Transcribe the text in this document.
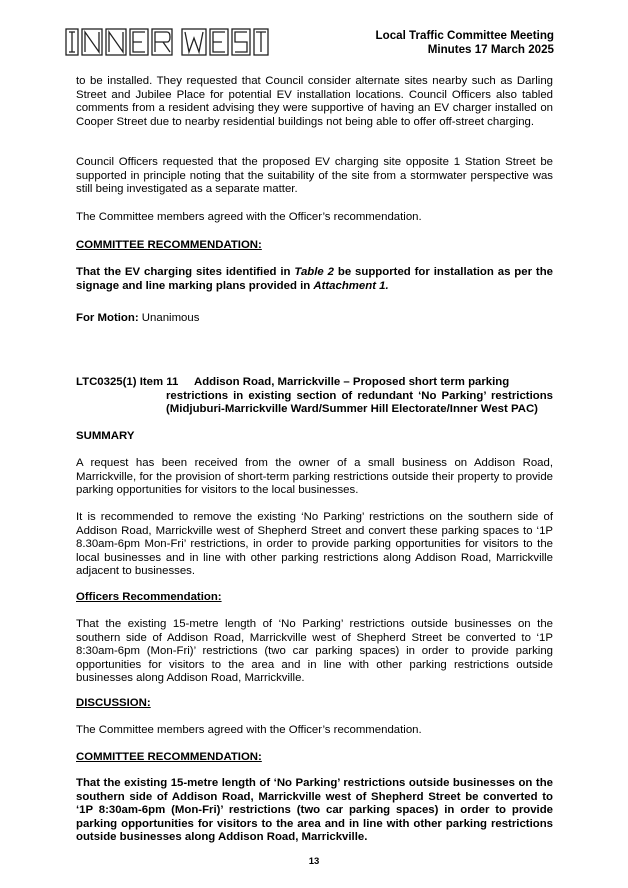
Local Traffic Committee Meeting
Minutes 17 March 2025

to be installed. They requested that Council consider alternate sites nearby such as Darling Street and Jubilee Place for potential EV installation locations. Council Officers also tabled comments from a resident advising they were supportive of having an EV charger installed on Cooper Street due to nearby residential buildings not being able to offer off-street charging.

Council Officers requested that the proposed EV charging site opposite 1 Station Street be supported in principle noting that the suitability of the site from a stormwater perspective was still being investigated as a separate matter.

The Committee members agreed with the Officer’s recommendation.

COMMITTEE RECOMMENDATION:

That the EV charging sites identified in Table 2 be supported for installation as per the signage and line marking plans provided in Attachment 1.

For Motion: Unanimous

LTC0325(1) Item 11	Addison Road, Marrickville – Proposed short term parking
restrictions in existing section of redundant ‘No Parking’ restrictions (Midjuburi-Marrickville Ward/Summer Hill Electorate/Inner West PAC)

SUMMARY

A request has been received from the owner of a small business on Addison Road, Marrickville, for the provision of short-term parking restrictions outside their property to provide parking opportunities for visitors to the local businesses.

It is recommended to remove the existing ‘No Parking’ restrictions on the southern side of Addison Road, Marrickville west of Shepherd Street and convert these parking spaces to ‘1P 8.30am-6pm Mon-Fri’ restrictions, in order to provide parking opportunities for visitors to the local businesses and in line with other parking restrictions along Addison Road, Marrickville adjacent to businesses.

Officers Recommendation:

That the existing 15-metre length of ‘No Parking’ restrictions outside businesses on the southern side of Addison Road, Marrickville west of Shepherd Street be converted to ‘1P 8:30am-6pm (Mon-Fri)’ restrictions (two car parking spaces) in order to provide parking opportunities for visitors to the area and in line with other parking restrictions outside businesses along Addison Road, Marrickville.

DISCUSSION:

The Committee members agreed with the Officer’s recommendation.

COMMITTEE RECOMMENDATION:

That the existing 15-metre length of ‘No Parking’ restrictions outside businesses on the southern side of Addison Road, Marrickville west of Shepherd Street be converted to ‘1P 8:30am-6pm (Mon-Fri)’ restrictions (two car parking spaces) in order to provide parking opportunities for visitors to the area and in line with other parking restrictions outside businesses along Addison Road, Marrickville.

13
